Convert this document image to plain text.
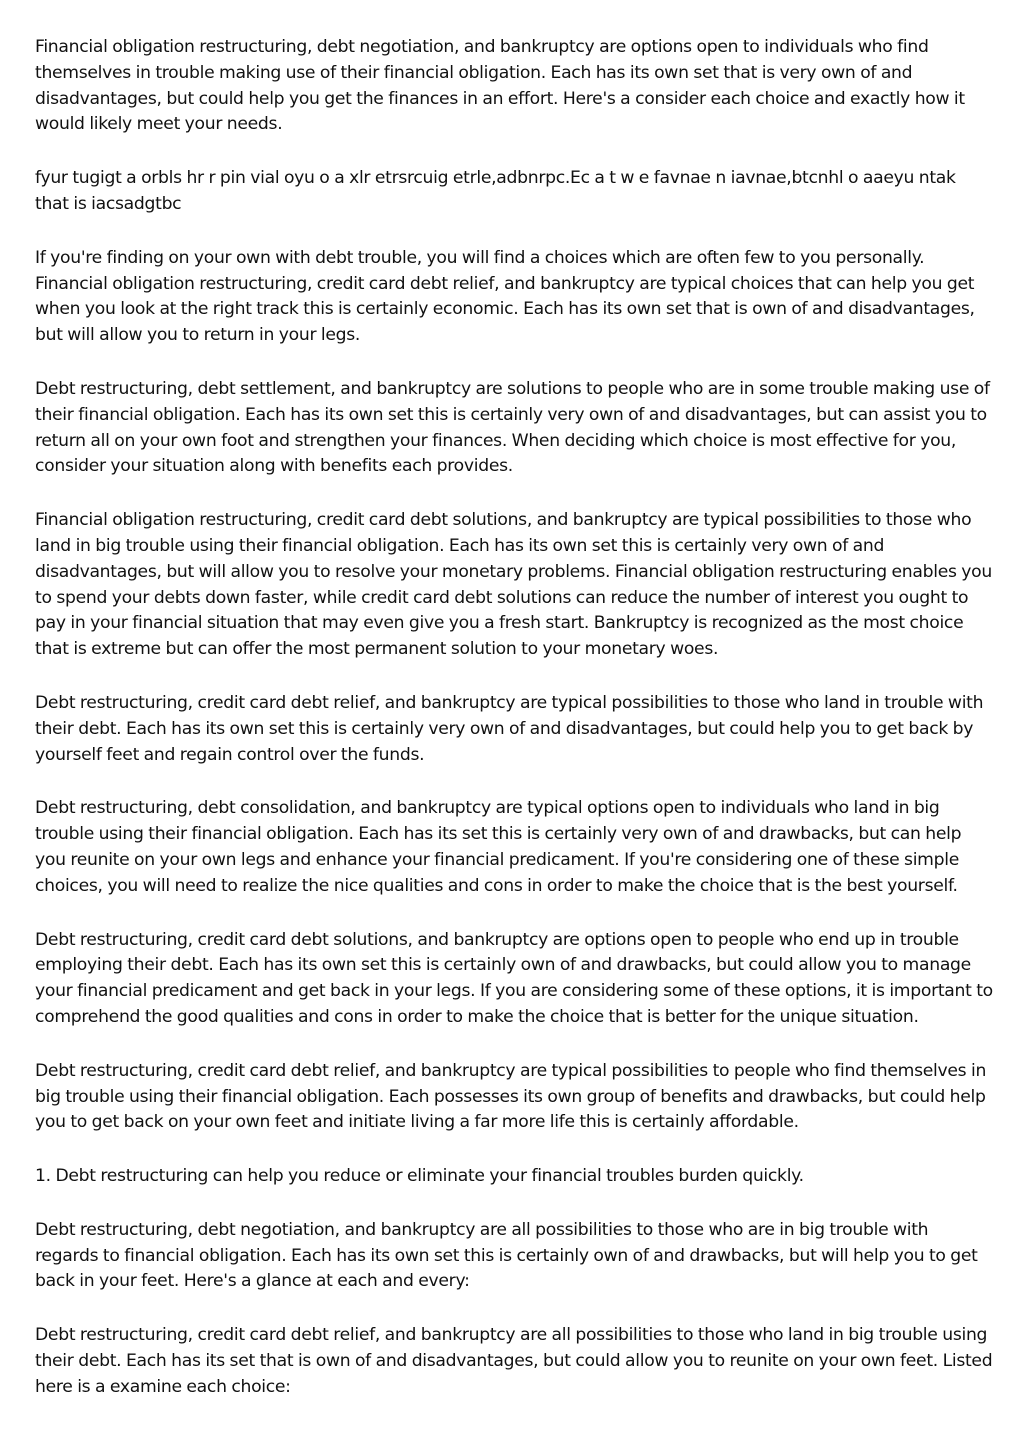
Financial obligation restructuring, debt negotiation, and bankruptcy are options open to individuals who find themselves in trouble making use of their financial obligation. Each has its own set that is very own of and disadvantages, but could help you get the finances in an effort. Here's a consider each choice and exactly how it would likely meet your needs.

fyur tugigt a orbls hr r pin vial oyu o a xlr etrsrcuig etrle,adbnrpc.Ec a t w e favnae n iavnae,btcnhl o aaeyu ntak that is iacsadgtbc

If you're finding on your own with debt trouble, you will find a choices which are often few to you personally. Financial obligation restructuring, credit card debt relief, and bankruptcy are typical choices that can help you get when you look at the right track this is certainly economic. Each has its own set that is own of and disadvantages, but will allow you to return in your legs.

Debt restructuring, debt settlement, and bankruptcy are solutions to people who are in some trouble making use of their financial obligation. Each has its own set this is certainly very own of and disadvantages, but can assist you to return all on your own foot and strengthen your finances. When deciding which choice is most effective for you, consider your situation along with benefits each provides.

Financial obligation restructuring, credit card debt solutions, and bankruptcy are typical possibilities to those who land in big trouble using their financial obligation. Each has its own set this is certainly very own of and disadvantages, but will allow you to resolve your monetary problems. Financial obligation restructuring enables you to spend your debts down faster, while credit card debt solutions can reduce the number of interest you ought to pay in your financial situation that may even give you a fresh start. Bankruptcy is recognized as the most choice that is extreme but can offer the most permanent solution to your monetary woes.

Debt restructuring, credit card debt relief, and bankruptcy are typical possibilities to those who land in trouble with their debt. Each has its own set this is certainly very own of and disadvantages, but could help you to get back by yourself feet and regain control over the funds.

Debt restructuring, debt consolidation, and bankruptcy are typical options open to individuals who land in big trouble using their financial obligation. Each has its set this is certainly very own of and drawbacks, but can help you reunite on your own legs and enhance your financial predicament. If you're considering one of these simple choices, you will need to realize the nice qualities and cons in order to make the choice that is the best yourself.

Debt restructuring, credit card debt solutions, and bankruptcy are options open to people who end up in trouble employing their debt. Each has its own set this is certainly own of and drawbacks, but could allow you to manage your financial predicament and get back in your legs. If you are considering some of these options, it is important to comprehend the good qualities and cons in order to make the choice that is better for the unique situation.

Debt restructuring, credit card debt relief, and bankruptcy are typical possibilities to people who find themselves in big trouble using their financial obligation. Each possesses its own group of benefits and drawbacks, but could help you to get back on your own feet and initiate living a far more life this is certainly affordable.

1. Debt restructuring can help you reduce or eliminate your financial troubles burden quickly.

Debt restructuring, debt negotiation, and bankruptcy are all possibilities to those who are in big trouble with regards to financial obligation. Each has its own set this is certainly own of and drawbacks, but will help you to get back in your feet. Here's a glance at each and every:

Debt restructuring, credit card debt relief, and bankruptcy are all possibilities to those who land in big trouble using their debt. Each has its set that is own of and disadvantages, but could allow you to reunite on your own feet. Listed here is a examine each choice:
